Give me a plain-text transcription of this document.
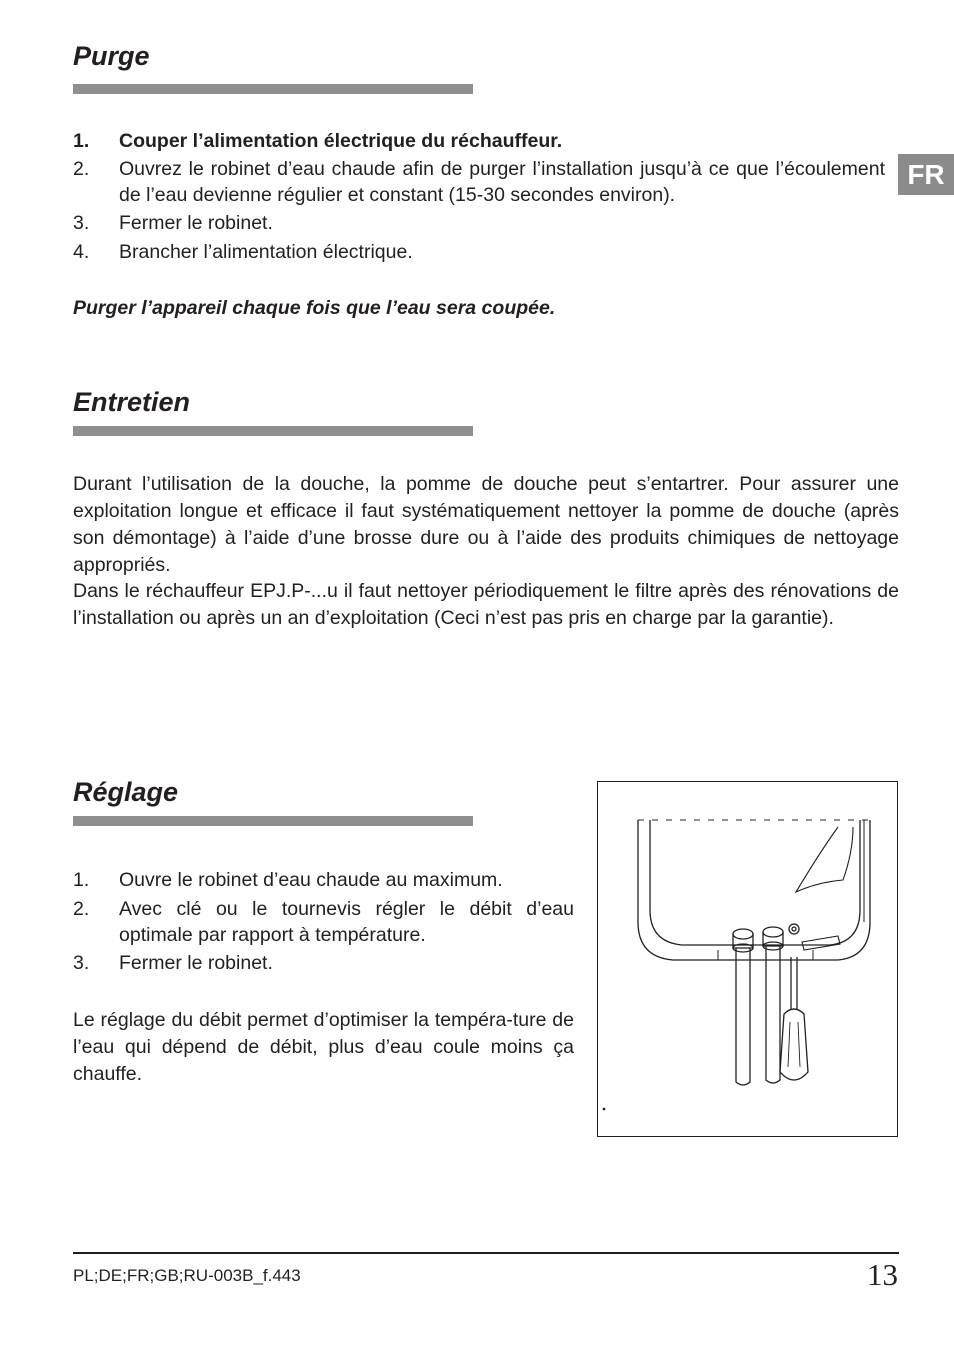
FR
Purge
1. Couper l’alimentation électrique du réchauffeur.
2. Ouvrez le robinet d’eau chaude afin de purger l’installation jusqu’à ce que l’écoulement de l’eau devienne régulier et constant (15-30 secondes environ).
3. Fermer le robinet.
4. Brancher l’alimentation électrique.
Purger l’appareil chaque fois que l’eau sera coupée.
Entretien
Durant l’utilisation de la douche, la pomme de douche peut s’entartrer. Pour assurer une exploitation longue et efficace il faut systématiquement nettoyer la pomme de douche (après son démontage) à l’aide d’une brosse dure ou à l’aide des produits chimiques de nettoyage appropriés.
Dans le réchauffeur EPJ.P-...u il faut nettoyer périodiquement le filtre après des rénovations de l’installation ou après un an d’exploitation (Ceci n’est pas pris en charge par la garantie).
Réglage
1. Ouvre le robinet d’eau chaude au maximum.
2. Avec clé ou le tournevis régler le débit d’eau optimale par rapport à température.
3. Fermer le robinet.
Le réglage du débit permet d’optimiser la tempéra-ture de l’eau qui dépend de débit, plus d’eau coule moins ça chauffe.
PL;DE;FR;GB;RU-003B_f.443	13
